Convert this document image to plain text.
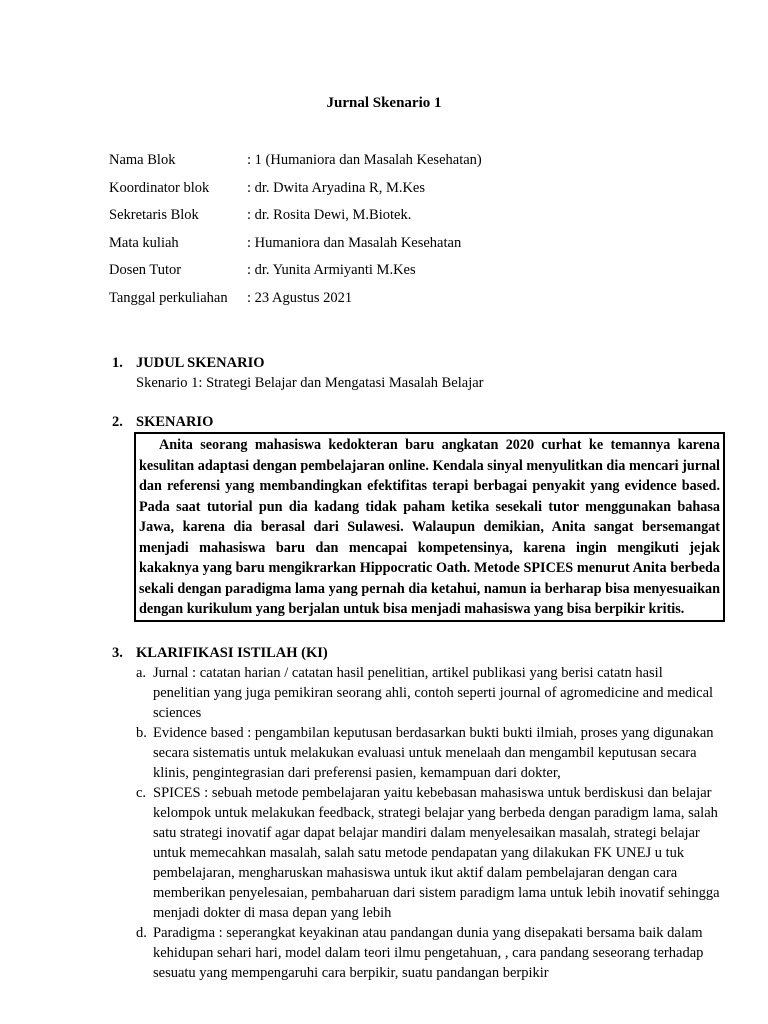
Jurnal Skenario 1
Nama Blok	: 1 (Humaniora dan Masalah Kesehatan)
Koordinator blok	: dr. Dwita Aryadina R, M.Kes
Sekretaris Blok	: dr. Rosita Dewi, M.Biotek.
Mata kuliah	: Humaniora dan Masalah Kesehatan
Dosen Tutor	: dr. Yunita Armiyanti M.Kes
Tanggal perkuliahan	: 23 Agustus 2021
1. JUDUL SKENARIO
Skenario 1: Strategi Belajar dan Mengatasi Masalah Belajar
2. SKENARIO
Anita seorang mahasiswa kedokteran baru angkatan 2020 curhat ke temannya karena kesulitan adaptasi dengan pembelajaran online. Kendala sinyal menyulitkan dia mencari jurnal dan referensi yang membandingkan efektifitas terapi berbagai penyakit yang evidence based. Pada saat tutorial pun dia kadang tidak paham ketika sesekali tutor menggunakan bahasa Jawa, karena dia berasal dari Sulawesi. Walaupun demikian, Anita sangat bersemangat menjadi mahasiswa baru dan mencapai kompetensinya, karena ingin mengikuti jejak kakaknya yang baru mengikrarkan Hippocratic Oath. Metode SPICES menurut Anita berbeda sekali dengan paradigma lama yang pernah dia ketahui, namun ia berharap bisa menyesuaikan dengan kurikulum yang berjalan untuk bisa menjadi mahasiswa yang bisa berpikir kritis.
3. KLARIFIKASI ISTILAH (KI)
a. Jurnal : catatan harian / catatan hasil penelitian, artikel publikasi yang berisi catatn hasil penelitian yang juga pemikiran seorang ahli, contoh seperti journal of agromedicine and medical sciences
b. Evidence based : pengambilan keputusan berdasarkan bukti bukti ilmiah, proses yang digunakan secara sistematis untuk melakukan evaluasi untuk menelaah dan mengambil keputusan secara klinis, pengintegrasian dari preferensi pasien, kemampuan dari dokter,
c. SPICES : sebuah metode pembelajaran yaitu kebebasan mahasiswa untuk berdiskusi dan belajar kelompok untuk melakukan feedback, strategi belajar yang berbeda dengan paradigm lama, salah satu strategi inovatif agar dapat belajar mandiri dalam menyelesaikan masalah, strategi belajar untuk memecahkan masalah, salah satu metode pendapatan yang dilakukan FK UNEJ u tuk pembelajaran, mengharuskan mahasiswa untuk ikut aktif dalam pembelajaran dengan cara memberikan penyelesaian, pembaharuan dari sistem paradigm lama untuk lebih inovatif sehingga menjadi dokter di masa depan yang lebih
d. Paradigma : seperangkat keyakinan atau pandangan dunia yang disepakati bersama baik dalam kehidupan sehari hari, model dalam teori ilmu pengetahuan, , cara pandang seseorang terhadap sesuatu yang mempengaruhi cara berpikir, suatu pandangan berpikir
